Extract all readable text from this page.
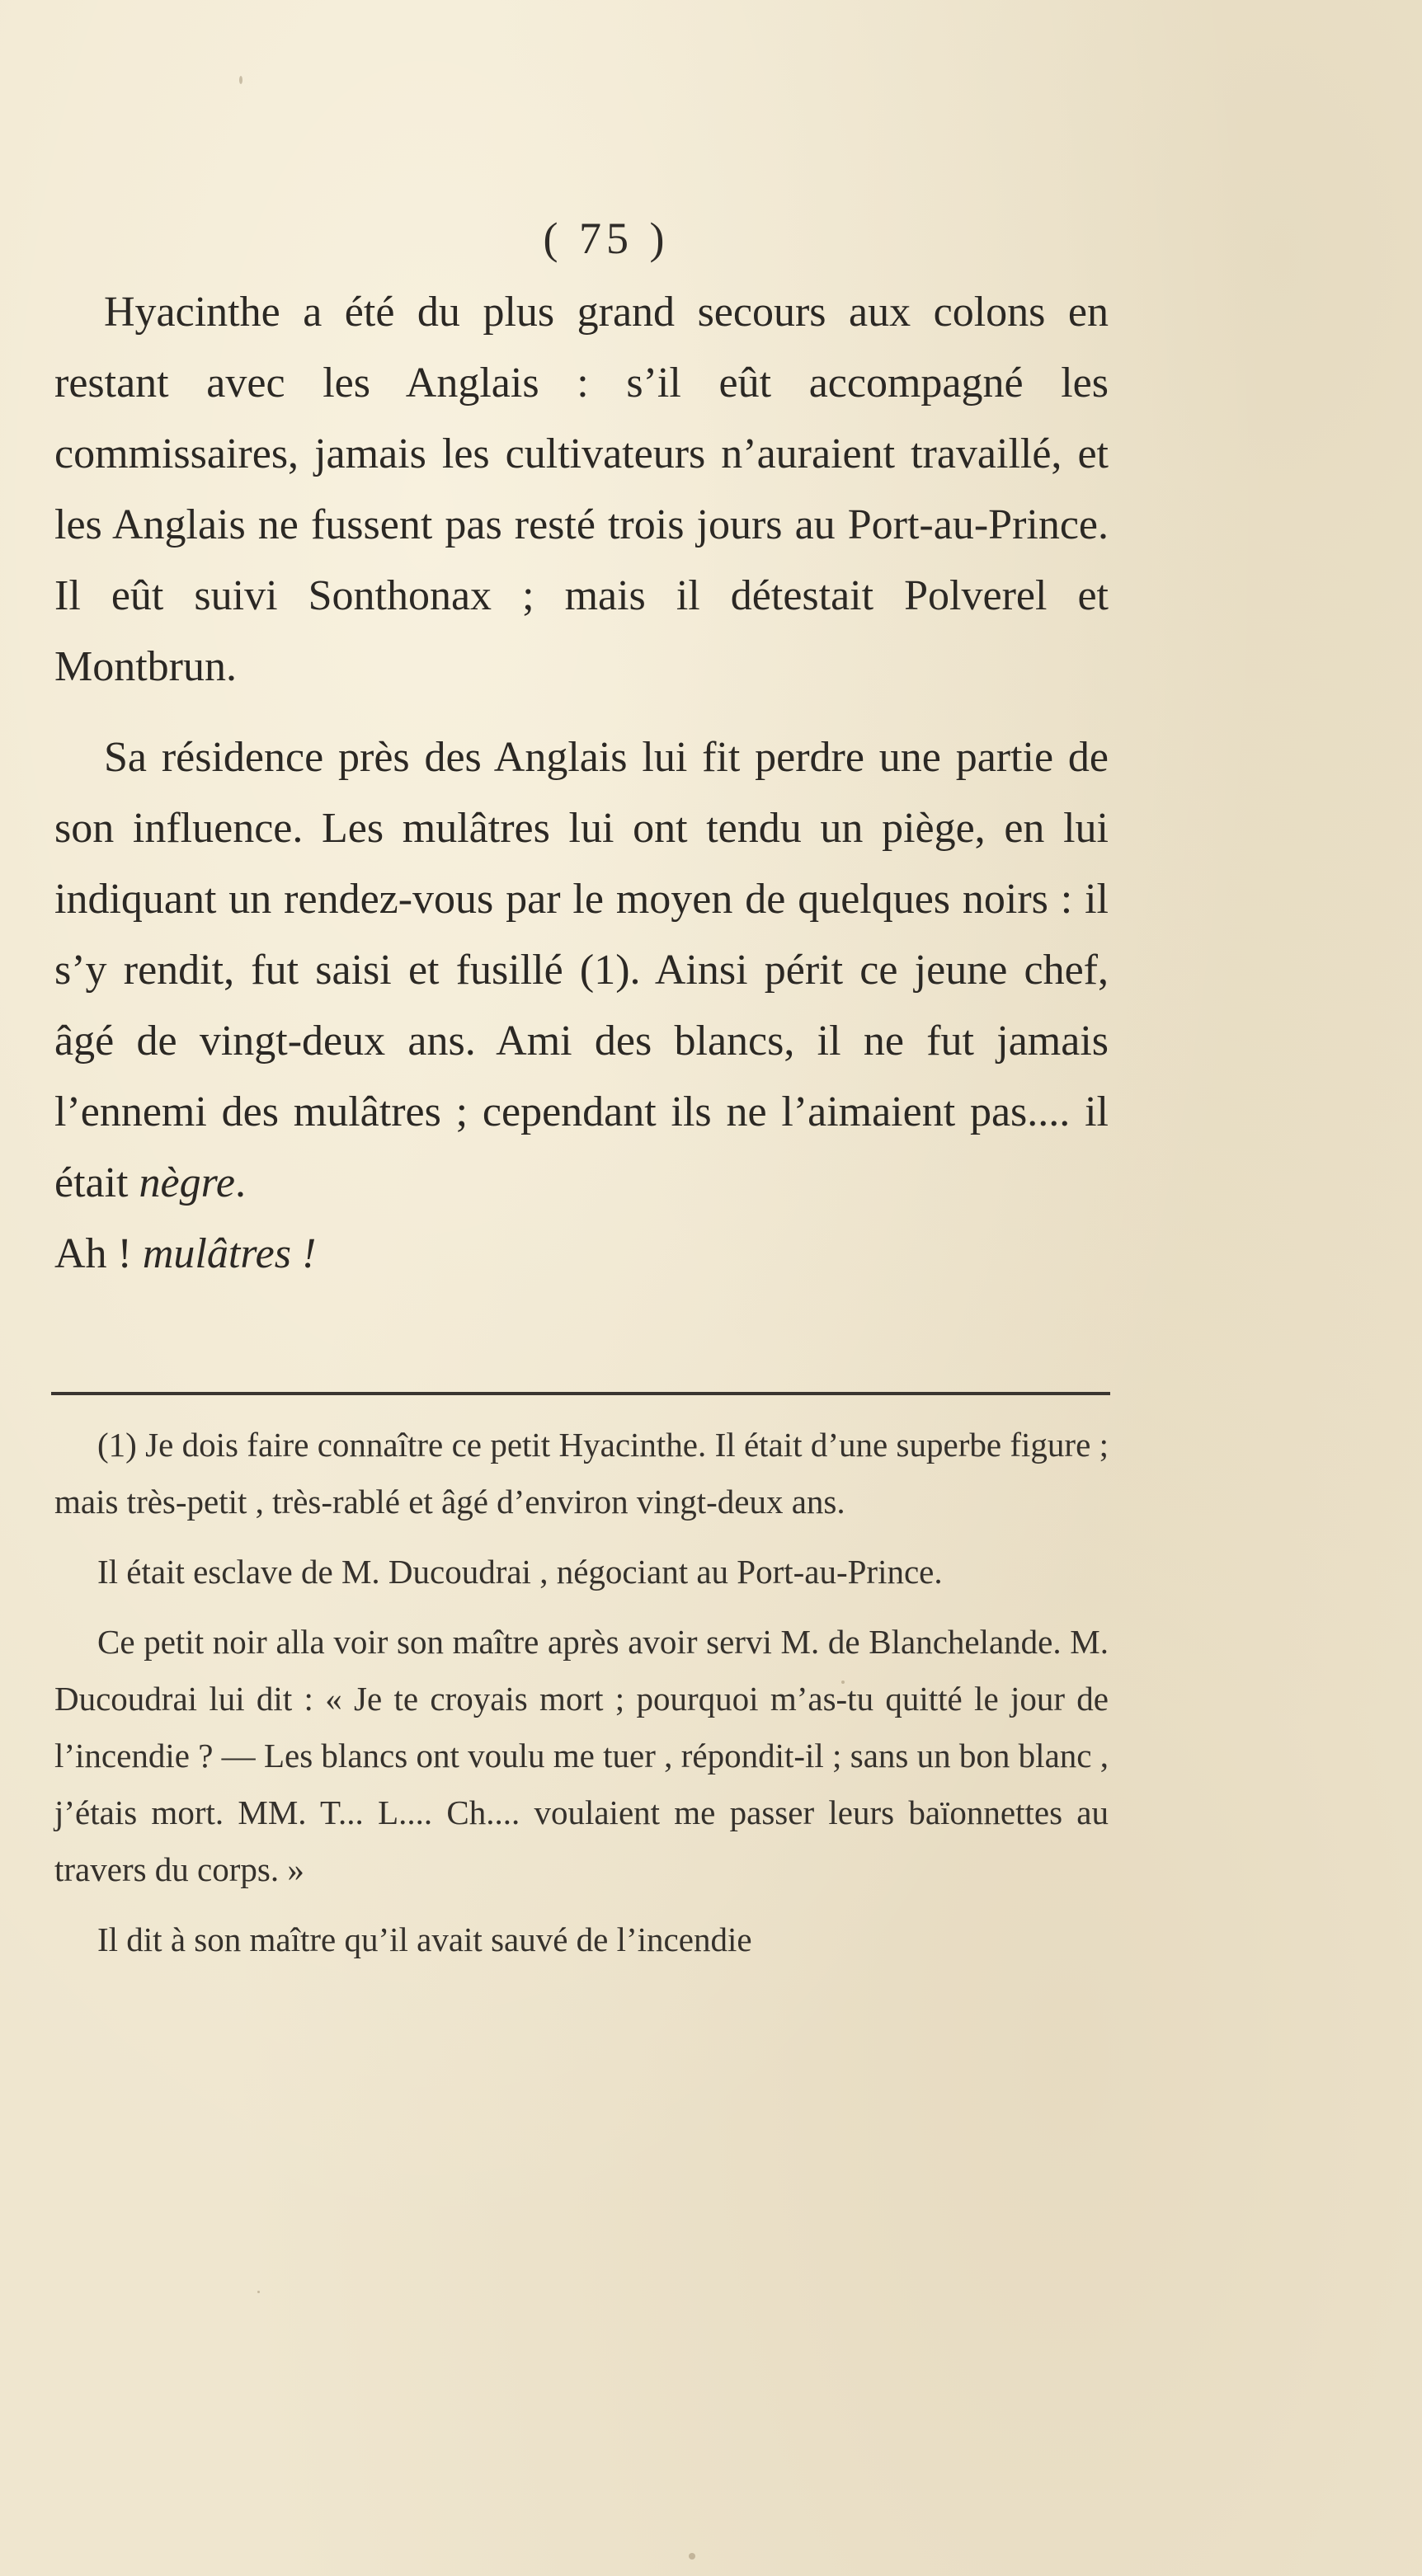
( 75 )

Hyacinthe a été du plus grand secours aux colons en restant avec les Anglais : s’il eût accompagné les commissaires, jamais les cultivateurs n’auraient travaillé, et les Anglais ne fussent pas resté trois jours au Port-au-Prince. Il eût suivi Sonthonax ; mais il détestait Polverel et Montbrun.

Sa résidence près des Anglais lui fit perdre une partie de son influence. Les mulâtres lui ont tendu un piège, en lui indiquant un rendez-vous par le moyen de quelques noirs : il s’y rendit, fut saisi et fusillé (1). Ainsi périt ce jeune chef, âgé de vingt-deux ans. Ami des blancs, il ne fut jamais l’ennemi des mulâtres ; cependant ils ne l’aimaient pas.... il était nègre.
Ah ! mulâtres !

(1) Je dois faire connaître ce petit Hyacinthe. Il était d’une superbe figure ; mais très-petit , très-rablé et âgé d’environ vingt-deux ans.

Il était esclave de M. Ducoudrai , négociant au Port-au-Prince.

Ce petit noir alla voir son maître après avoir servi M. de Blanchelande. M. Ducoudrai lui dit : « Je te croyais mort ; pourquoi m’as-tu quitté le jour de l’incendie ? — Les blancs ont voulu me tuer , répondit-il ; sans un bon blanc , j’étais mort. MM. T... L.... Ch.... voulaient me passer leurs baïonnettes au travers du corps. »

Il dit à son maître qu’il avait sauvé de l’incendie
